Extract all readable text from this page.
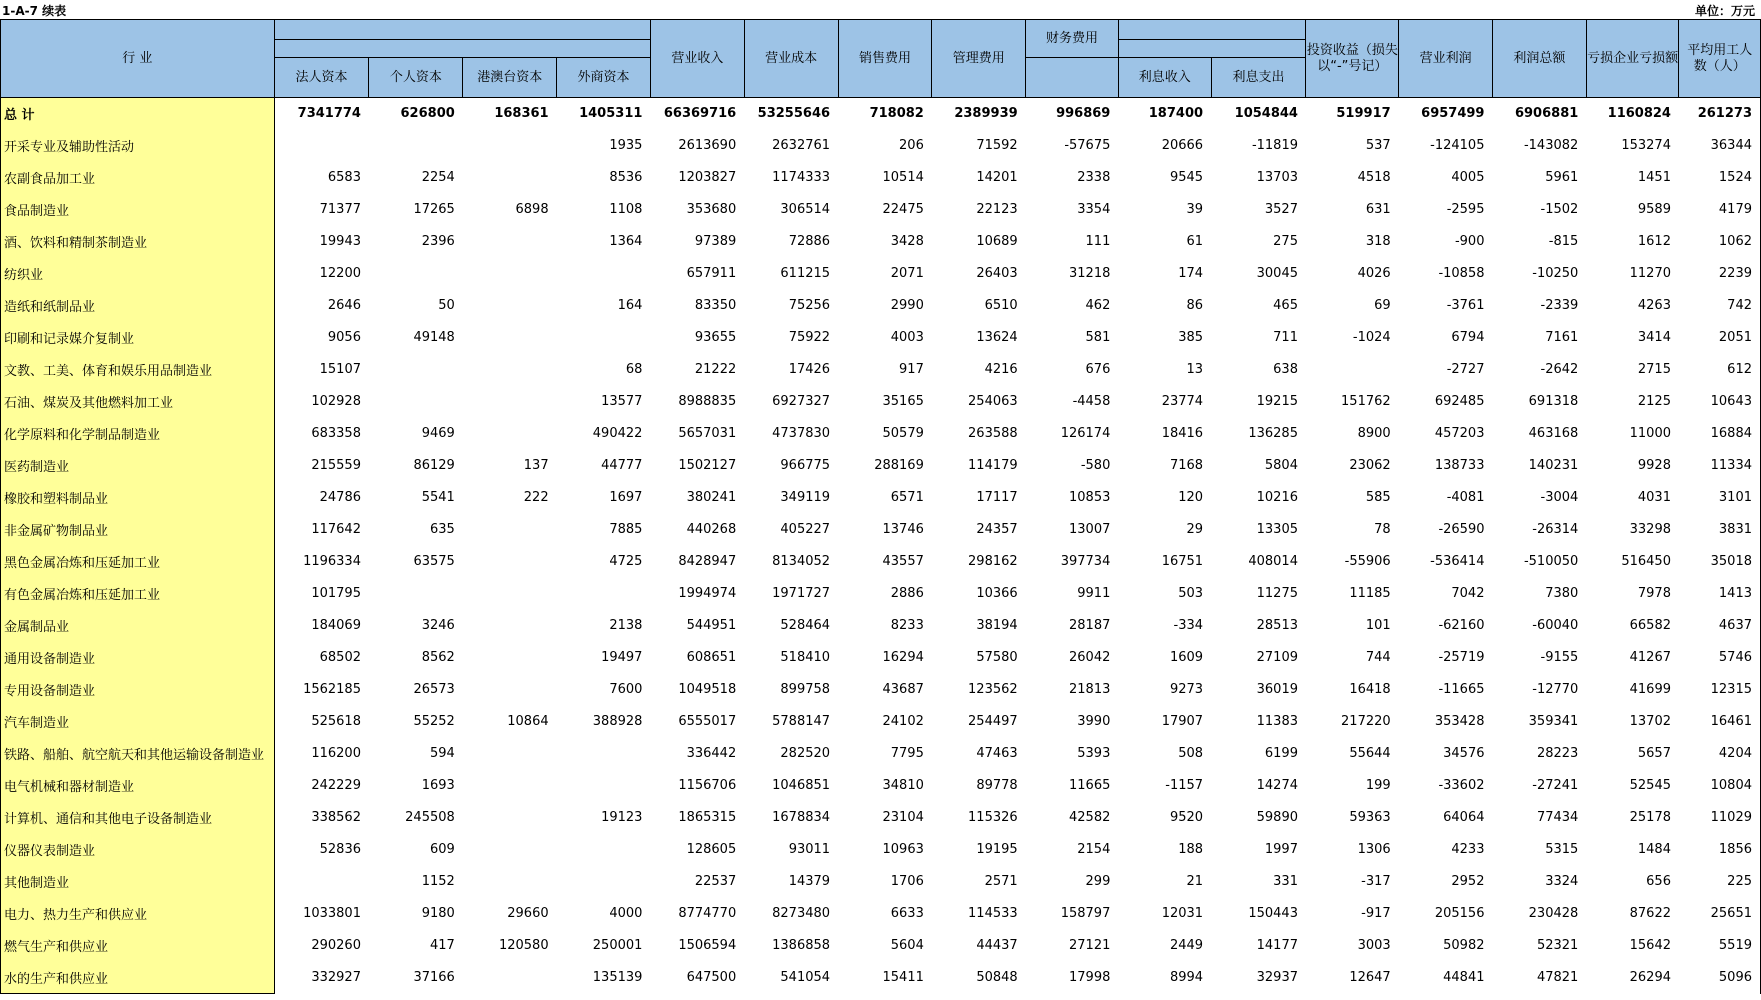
1-A-7 续表	单位：万元
行 业					营业收入	营业成本	销售费用	管理费用	财务费用			投资收益（损失以“-”号记）	营业利润	利润总额	亏损企业亏损额	平均用工人 数（人）

	法人资本	个人资本	港澳台资本	外商资本						利息收入	利息支出					
总 计	7341774	626800	168361	1405311	66369716	53255646	718082	2389939	996869	187400	1054844	519917	6957499	6906881	1160824	261273
开采专业及辅助性活动				1935	2613690	2632761	206	71592	-57675	20666	-11819	537	-124105	-143082	153274	36344
农副食品加工业	6583	2254		8536	1203827	1174333	10514	14201	2338	9545	13703	4518	4005	5961	1451	1524
食品制造业	71377	17265	6898	1108	353680	306514	22475	22123	3354	39	3527	631	-2595	-1502	9589	4179
酒、饮料和精制茶制造业	19943	2396		1364	97389	72886	3428	10689	111	61	275	318	-900	-815	1612	1062
纺织业	12200				657911	611215	2071	26403	31218	174	30045	4026	-10858	-10250	11270	2239
造纸和纸制品业	2646	50		164	83350	75256	2990	6510	462	86	465	69	-3761	-2339	4263	742
印刷和记录媒介复制业	9056	49148			93655	75922	4003	13624	581	385	711	-1024	6794	7161	3414	2051
文教、工美、体育和娱乐用品制造业	15107			68	21222	17426	917	4216	676	13	638		-2727	-2642	2715	612
石油、煤炭及其他燃料加工业	102928			13577	8988835	6927327	35165	254063	-4458	23774	19215	151762	692485	691318	2125	10643
化学原料和化学制品制造业	683358	9469		490422	5657031	4737830	50579	263588	126174	18416	136285	8900	457203	463168	11000	16884
医药制造业	215559	86129	137	44777	1502127	966775	288169	114179	-580	7168	5804	23062	138733	140231	9928	11334
橡胶和塑料制品业	24786	5541	222	1697	380241	349119	6571	17117	10853	120	10216	585	-4081	-3004	4031	3101
非金属矿物制品业	117642	635		7885	440268	405227	13746	24357	13007	29	13305	78	-26590	-26314	33298	3831
黑色金属冶炼和压延加工业	1196334	63575		4725	8428947	8134052	43557	298162	397734	16751	408014	-55906	-536414	-510050	516450	35018
有色金属冶炼和压延加工业	101795				1994974	1971727	2886	10366	9911	503	11275	11185	7042	7380	7978	1413
金属制品业	184069	3246		2138	544951	528464	8233	38194	28187	-334	28513	101	-62160	-60040	66582	4637
通用设备制造业	68502	8562		19497	608651	518410	16294	57580	26042	1609	27109	744	-25719	-9155	41267	5746
专用设备制造业	1562185	26573		7600	1049518	899758	43687	123562	21813	9273	36019	16418	-11665	-12770	41699	12315
汽车制造业	525618	55252	10864	388928	6555017	5788147	24102	254497	3990	17907	11383	217220	353428	359341	13702	16461
铁路、船舶、航空航天和其他运输设备制造业	116200	594			336442	282520	7795	47463	5393	508	6199	55644	34576	28223	5657	4204
电气机械和器材制造业	242229	1693			1156706	1046851	34810	89778	11665	-1157	14274	199	-33602	-27241	52545	10804
计算机、通信和其他电子设备制造业	338562	245508		19123	1865315	1678834	23104	115326	42582	9520	59890	59363	64064	77434	25178	11029
仪器仪表制造业	52836	609			128605	93011	10963	19195	2154	188	1997	1306	4233	5315	1484	1856
其他制造业		1152			22537	14379	1706	2571	299	21	331	-317	2952	3324	656	225
电力、热力生产和供应业	1033801	9180	29660	4000	8774770	8273480	6633	114533	158797	12031	150443	-917	205156	230428	87622	25651
燃气生产和供应业	290260	417	120580	250001	1506594	1386858	5604	44437	27121	2449	14177	3003	50982	52321	15642	5519
水的生产和供应业	332927	37166		135139	647500	541054	15411	50848	17998	8994	32937	12647	44841	47821	26294	5096
